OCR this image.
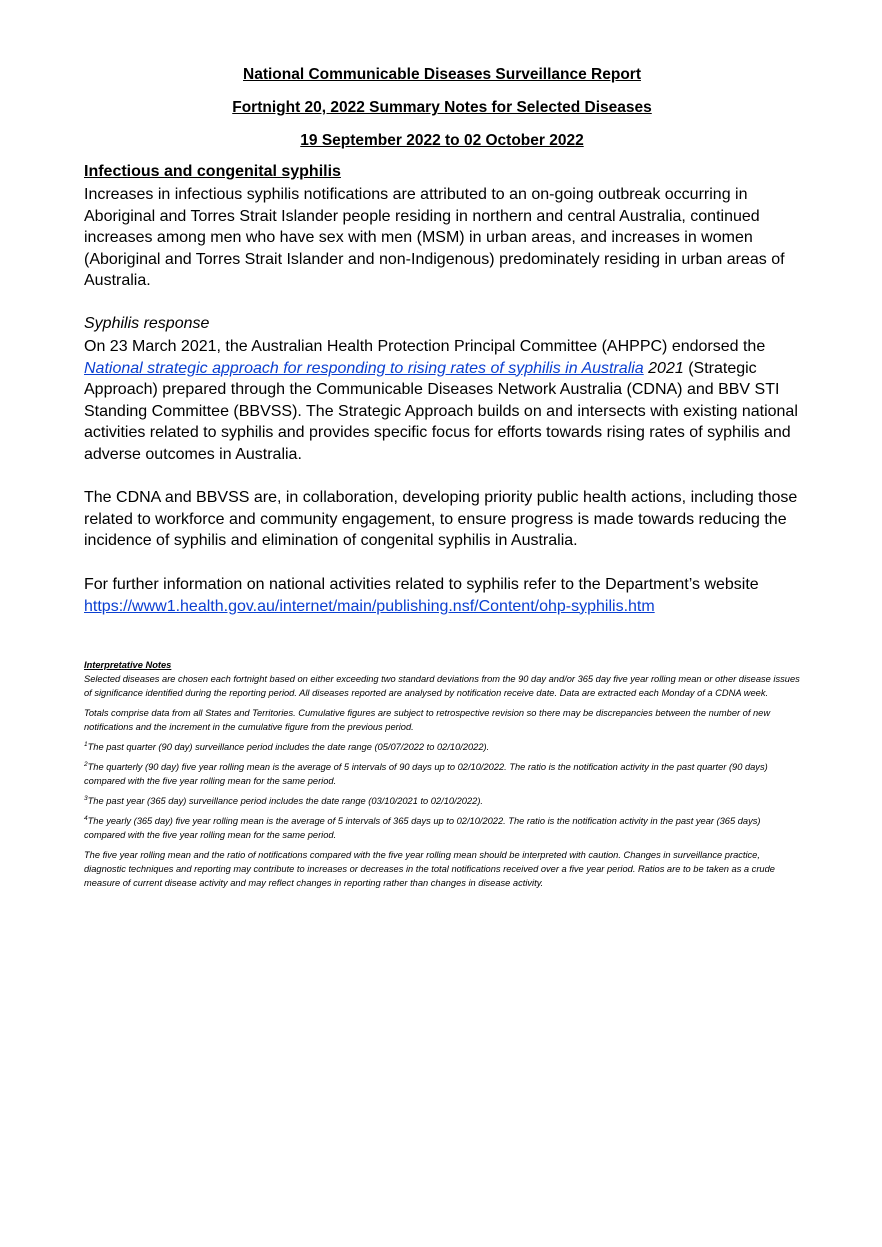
National Communicable Diseases Surveillance Report
Fortnight 20, 2022 Summary Notes for Selected Diseases
19 September 2022 to 02 October 2022
Infectious and congenital syphilis

Increases in infectious syphilis notifications are attributed to an on-going outbreak occurring in Aboriginal and Torres Strait Islander people residing in northern and central Australia, continued increases among men who have sex with men (MSM) in urban areas, and increases in women (Aboriginal and Torres Strait Islander and non-Indigenous) predominately residing in urban areas of Australia.

Syphilis response

On 23 March 2021, the Australian Health Protection Principal Committee (AHPPC) endorsed the National strategic approach for responding to rising rates of syphilis in Australia 2021 (Strategic Approach) prepared through the Communicable Diseases Network Australia (CDNA) and BBV STI Standing Committee (BBVSS). The Strategic Approach builds on and intersects with existing national activities related to syphilis and provides specific focus for efforts towards rising rates of syphilis and adverse outcomes in Australia.

The CDNA and BBVSS are, in collaboration, developing priority public health actions, including those related to workforce and community engagement, to ensure progress is made towards reducing the incidence of syphilis and elimination of congenital syphilis in Australia.

For further information on national activities related to syphilis refer to the Department’s website
https://www1.health.gov.au/internet/main/publishing.nsf/Content/ohp-syphilis.htm

Interpretative Notes

Selected diseases are chosen each fortnight based on either exceeding two standard deviations from the 90 day and/or 365 day five year rolling mean or other disease issues of significance identified during the reporting period. All diseases reported are analysed by notification receive date. Data are extracted each Monday of a CDNA week.

Totals comprise data from all States and Territories. Cumulative figures are subject to retrospective revision so there may be discrepancies between the number of new notifications and the increment in the cumulative figure from the previous period.

$^1$The past quarter (90 day) surveillance period includes the date range (05/07/2022 to 02/10/2022).

$^2$The quarterly (90 day) five year rolling mean is the average of 5 intervals of 90 days up to 02/10/2022. The ratio is the notification activity in the past quarter (90 days) compared with the five year rolling mean for the same period.

$^3$The past year (365 day) surveillance period includes the date range (03/10/2021 to 02/10/2022).

$^4$The yearly (365 day) five year rolling mean is the average of 5 intervals of 365 days up to 02/10/2022. The ratio is the notification activity in the past year (365 days) compared with the five year rolling mean for the same period.

The five year rolling mean and the ratio of notifications compared with the five year rolling mean should be interpreted with caution. Changes in surveillance practice, diagnostic techniques and reporting may contribute to increases or decreases in the total notifications received over a five year period. Ratios are to be taken as a crude measure of current disease activity and may reflect changes in reporting rather than changes in disease activity.
